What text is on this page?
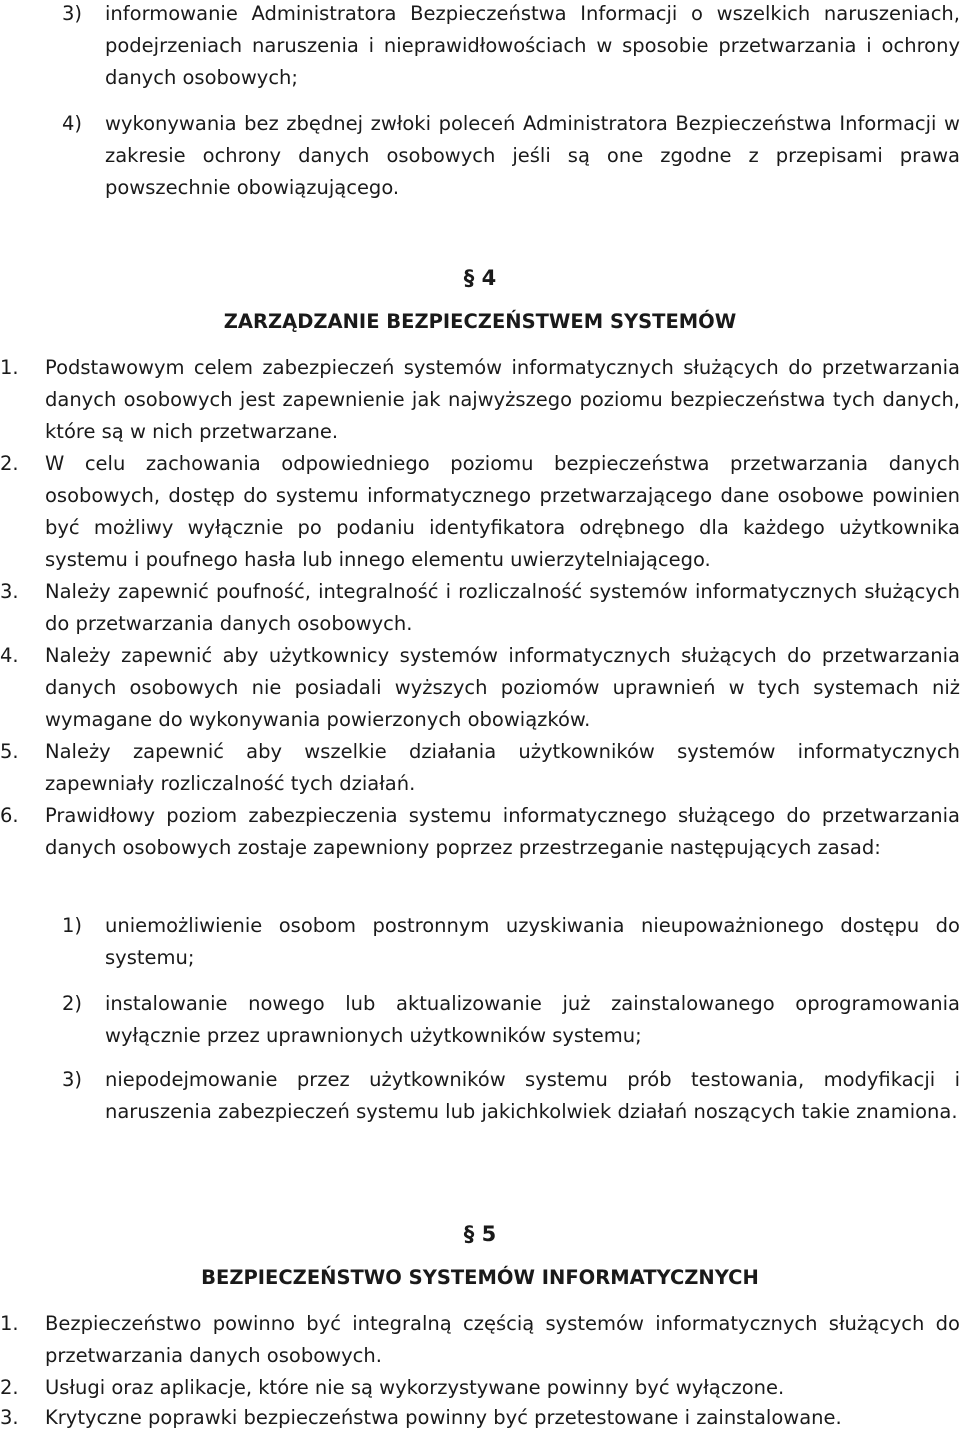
3) informowanie Administratora Bezpieczeństwa Informacji o wszelkich naruszeniach, podejrzeniach naruszenia i nieprawidłowościach w sposobie przetwarzania i ochrony danych osobowych;
4) wykonywania bez zbędnej zwłoki poleceń Administratora Bezpieczeństwa Informacji w zakresie ochrony danych osobowych jeśli są one zgodne z przepisami prawa powszechnie obowiązującego.
§ 4
ZARZĄDZANIE BEZPIECZEŃSTWEM SYSTEMÓW
1. Podstawowym celem zabezpieczeń systemów informatycznych służących do przetwarzania danych osobowych jest zapewnienie jak najwyższego poziomu bezpieczeństwa tych danych, które są w nich przetwarzane.
2. W celu zachowania odpowiedniego poziomu bezpieczeństwa przetwarzania danych osobowych, dostęp do systemu informatycznego przetwarzającego dane osobowe powinien być możliwy wyłącznie po podaniu identyfikatora odrębnego dla każdego użytkownika systemu i poufnego hasła lub innego elementu uwierzytelniającego.
3. Należy zapewnić poufność, integralność i rozliczalność systemów informatycznych służących do przetwarzania danych osobowych.
4. Należy zapewnić aby użytkownicy systemów informatycznych służących do przetwarzania danych osobowych nie posiadali wyższych poziomów uprawnień w tych systemach niż wymagane do wykonywania powierzonych obowiązków.
5. Należy zapewnić aby wszelkie działania użytkowników systemów informatycznych zapewniały rozliczalność tych działań.
6. Prawidłowy poziom zabezpieczenia systemu informatycznego służącego do przetwarzania danych osobowych zostaje zapewniony poprzez przestrzeganie następujących zasad:
1) uniemożliwienie osobom postronnym uzyskiwania nieupoważnionego dostępu do systemu;
2) instalowanie nowego lub aktualizowanie już zainstalowanego oprogramowania wyłącznie przez uprawnionych użytkowników systemu;
3) niepodejmowanie przez użytkowników systemu prób testowania, modyfikacji i naruszenia zabezpieczeń systemu lub jakichkolwiek działań noszących takie znamiona.
§ 5
BEZPIECZEŃSTWO SYSTEMÓW INFORMATYCZNYCH
1. Bezpieczeństwo powinno być integralną częścią systemów informatycznych służących do przetwarzania danych osobowych.
2. Usługi oraz aplikacje, które nie są wykorzystywane powinny być wyłączone.
3. Krytyczne poprawki bezpieczeństwa powinny być przetestowane i zainstalowane.
